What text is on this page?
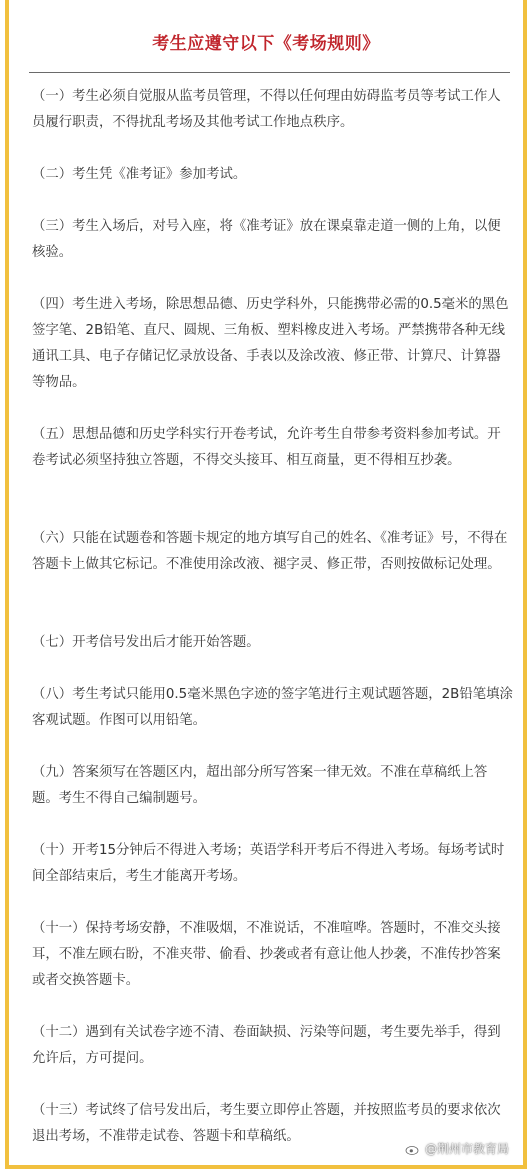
考生应遵守以下《考场规则》
（一）考生必须自觉服从监考员管理，不得以任何理由妨碍监考员等考试工作人员履行职责，不得扰乱考场及其他考试工作地点秩序。
（二）考生凭《准考证》参加考试。
（三）考生入场后，对号入座，将《准考证》放在课桌靠走道一侧的上角，以便核验。
（四）考生进入考场，除思想品德、历史学科外，只能携带必需的0.5毫米的黑色签字笔、2B铅笔、直尺、圆规、三角板、塑料橡皮进入考场。严禁携带各种无线通讯工具、电子存储记忆录放设备、手表以及涂改液、修正带、计算尺、计算器等物品。
（五）思想品德和历史学科实行开卷考试，允许考生自带参考资料参加考试。开卷考试必须坚持独立答题，不得交头接耳、相互商量，更不得相互抄袭。
（六）只能在试题卷和答题卡规定的地方填写自己的姓名、《准考证》号，不得在答题卡上做其它标记。不准使用涂改液、褪字灵、修正带，否则按做标记处理。
（七）开考信号发出后才能开始答题。
（八）考生考试只能用0.5毫米黑色字迹的签字笔进行主观试题答题，2B铅笔填涂客观试题。作图可以用铅笔。
（九）答案须写在答题区内，超出部分所写答案一律无效。不准在草稿纸上答题。考生不得自己编制题号。
（十）开考15分钟后不得进入考场；英语学科开考后不得进入考场。每场考试时间全部结束后，考生才能离开考场。
（十一）保持考场安静，不准吸烟，不准说话，不准喧哗。答题时，不准交头接耳，不准左顾右盼，不准夹带、偷看、抄袭或者有意让他人抄袭，不准传抄答案或者交换答题卡。
（十二）遇到有关试卷字迹不清、卷面缺损、污染等问题，考生要先举手，得到允许后，方可提问。
（十三）考试终了信号发出后，考生要立即停止答题，并按照监考员的要求依次退出考场，不准带走试卷、答题卡和草稿纸。
@荆州市教育局
